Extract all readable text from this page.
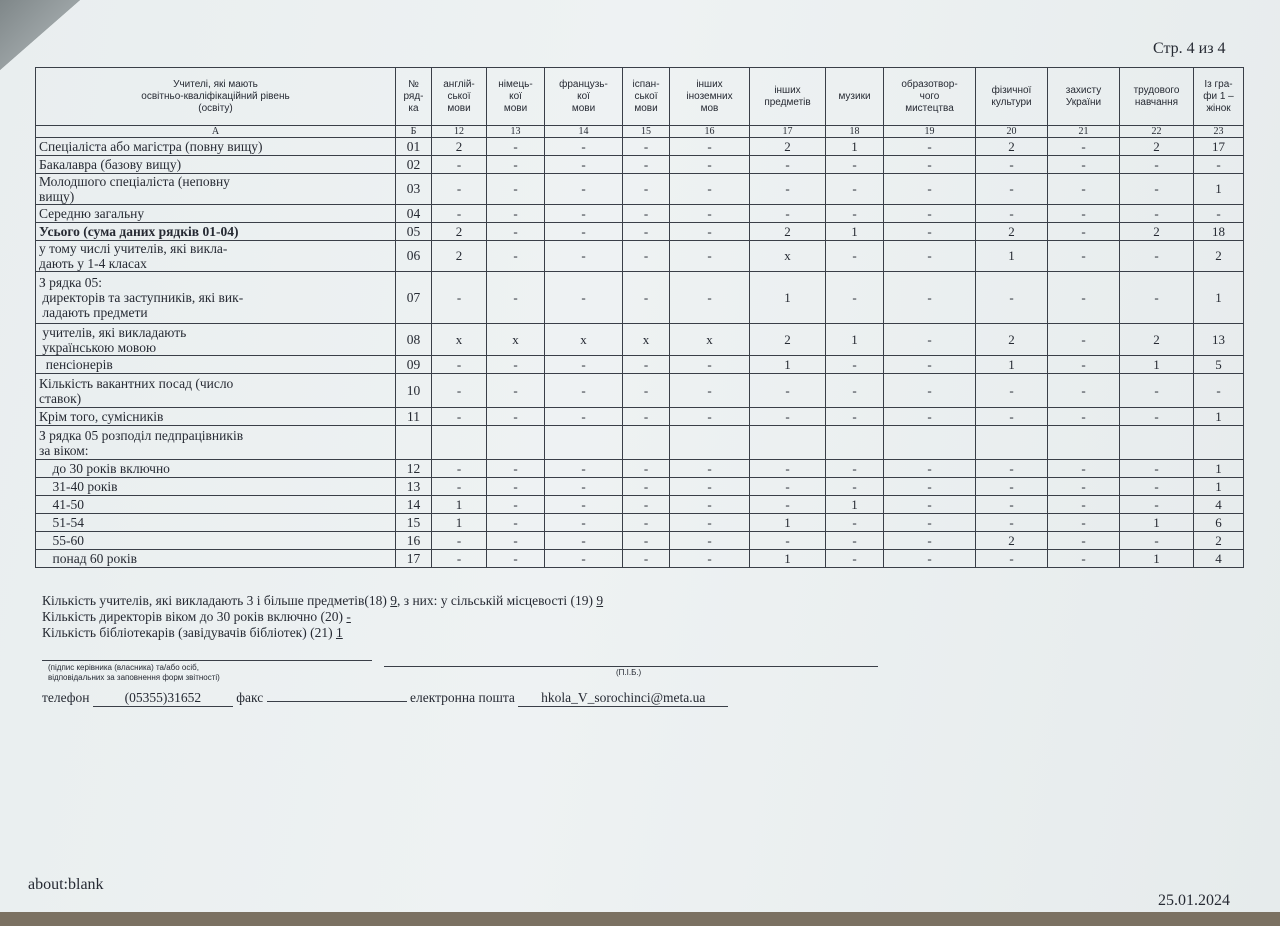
Стр. 4 из 4
Учителі, які мають
освітньо-кваліфікаційний рівень
(освіту)	№
ряд-
ка	англій-
ської
мови	німець-
кої
мови	французь-
кої
мови	іспан-
ської
мови	інших
іноземних
мов	інших
предметів	музики	образотвор-
чого
мистецтва	фізичної
культури	захисту
України	трудового
навчання	Із гра-
фи 1 –
жінок
А	Б	12	13	14	15	16	17	18	19	20	21	22	23
Спеціаліста або магістра (повну вищу)	01	2	-	-	-	-	2	1	-	2	-	2	17
Бакалавра (базову вищу)	02	-	-	-	-	-	-	-	-	-	-	-	-
Молодшого спеціаліста (неповну
вищу)	03	-	-	-	-	-	-	-	-	-	-	-	1
Середню загальну	04	-	-	-	-	-	-	-	-	-	-	-	-
Усього (сума даних рядків 01-04)	05	2	-	-	-	-	2	1	-	2	-	2	18
у тому числі учителів, які викла-
дають у 1-4 класах	06	2	-	-	-	-	х	-	-	1	-	-	2
З рядка 05:
директорів та заступників, які вик-
ладають предмети	07	-	-	-	-	-	1	-	-	-	-	-	1
учителів, які викладають
українською мовою	08	х	х	х	х	х	2	1	-	2	-	2	13
пенсіонерів	09	-	-	-	-	-	1	-	-	1	-	1	5
Кількість вакантних посад (число
ставок)	10	-	-	-	-	-	-	-	-	-	-	-	-
Крім того, сумісників	11	-	-	-	-	-	-	-	-	-	-	-	1
З рядка 05 розподіл педпрацівників
за віком:													
до 30 років включно	12	-	-	-	-	-	-	-	-	-	-	-	1
31-40 років	13	-	-	-	-	-	-	-	-	-	-	-	1
41-50	14	1	-	-	-	-	-	1	-	-	-	-	4
51-54	15	1	-	-	-	-	1	-	-	-	-	1	6
55-60	16	-	-	-	-	-	-	-	-	2	-	-	2
понад 60 років	17	-	-	-	-	-	1	-	-	-	-	1	4
Кількість учителів, які викладають 3 і більше предметів(18) 9, з них: у сільській місцевості (19) 9
Кількість директорів віком до 30 років включно (20) -
Кількість бібліотекарів (завідувачів бібліотек) (21) 1
(підпис керівника (власника) та/або осіб,
відповідальних за заповнення форм звітності)
(П.І.Б.)
телефон	(05355)31652	факс	електронна пошта hkola_V_sorochinci@meta.ua
about:blank
25.01.2024
